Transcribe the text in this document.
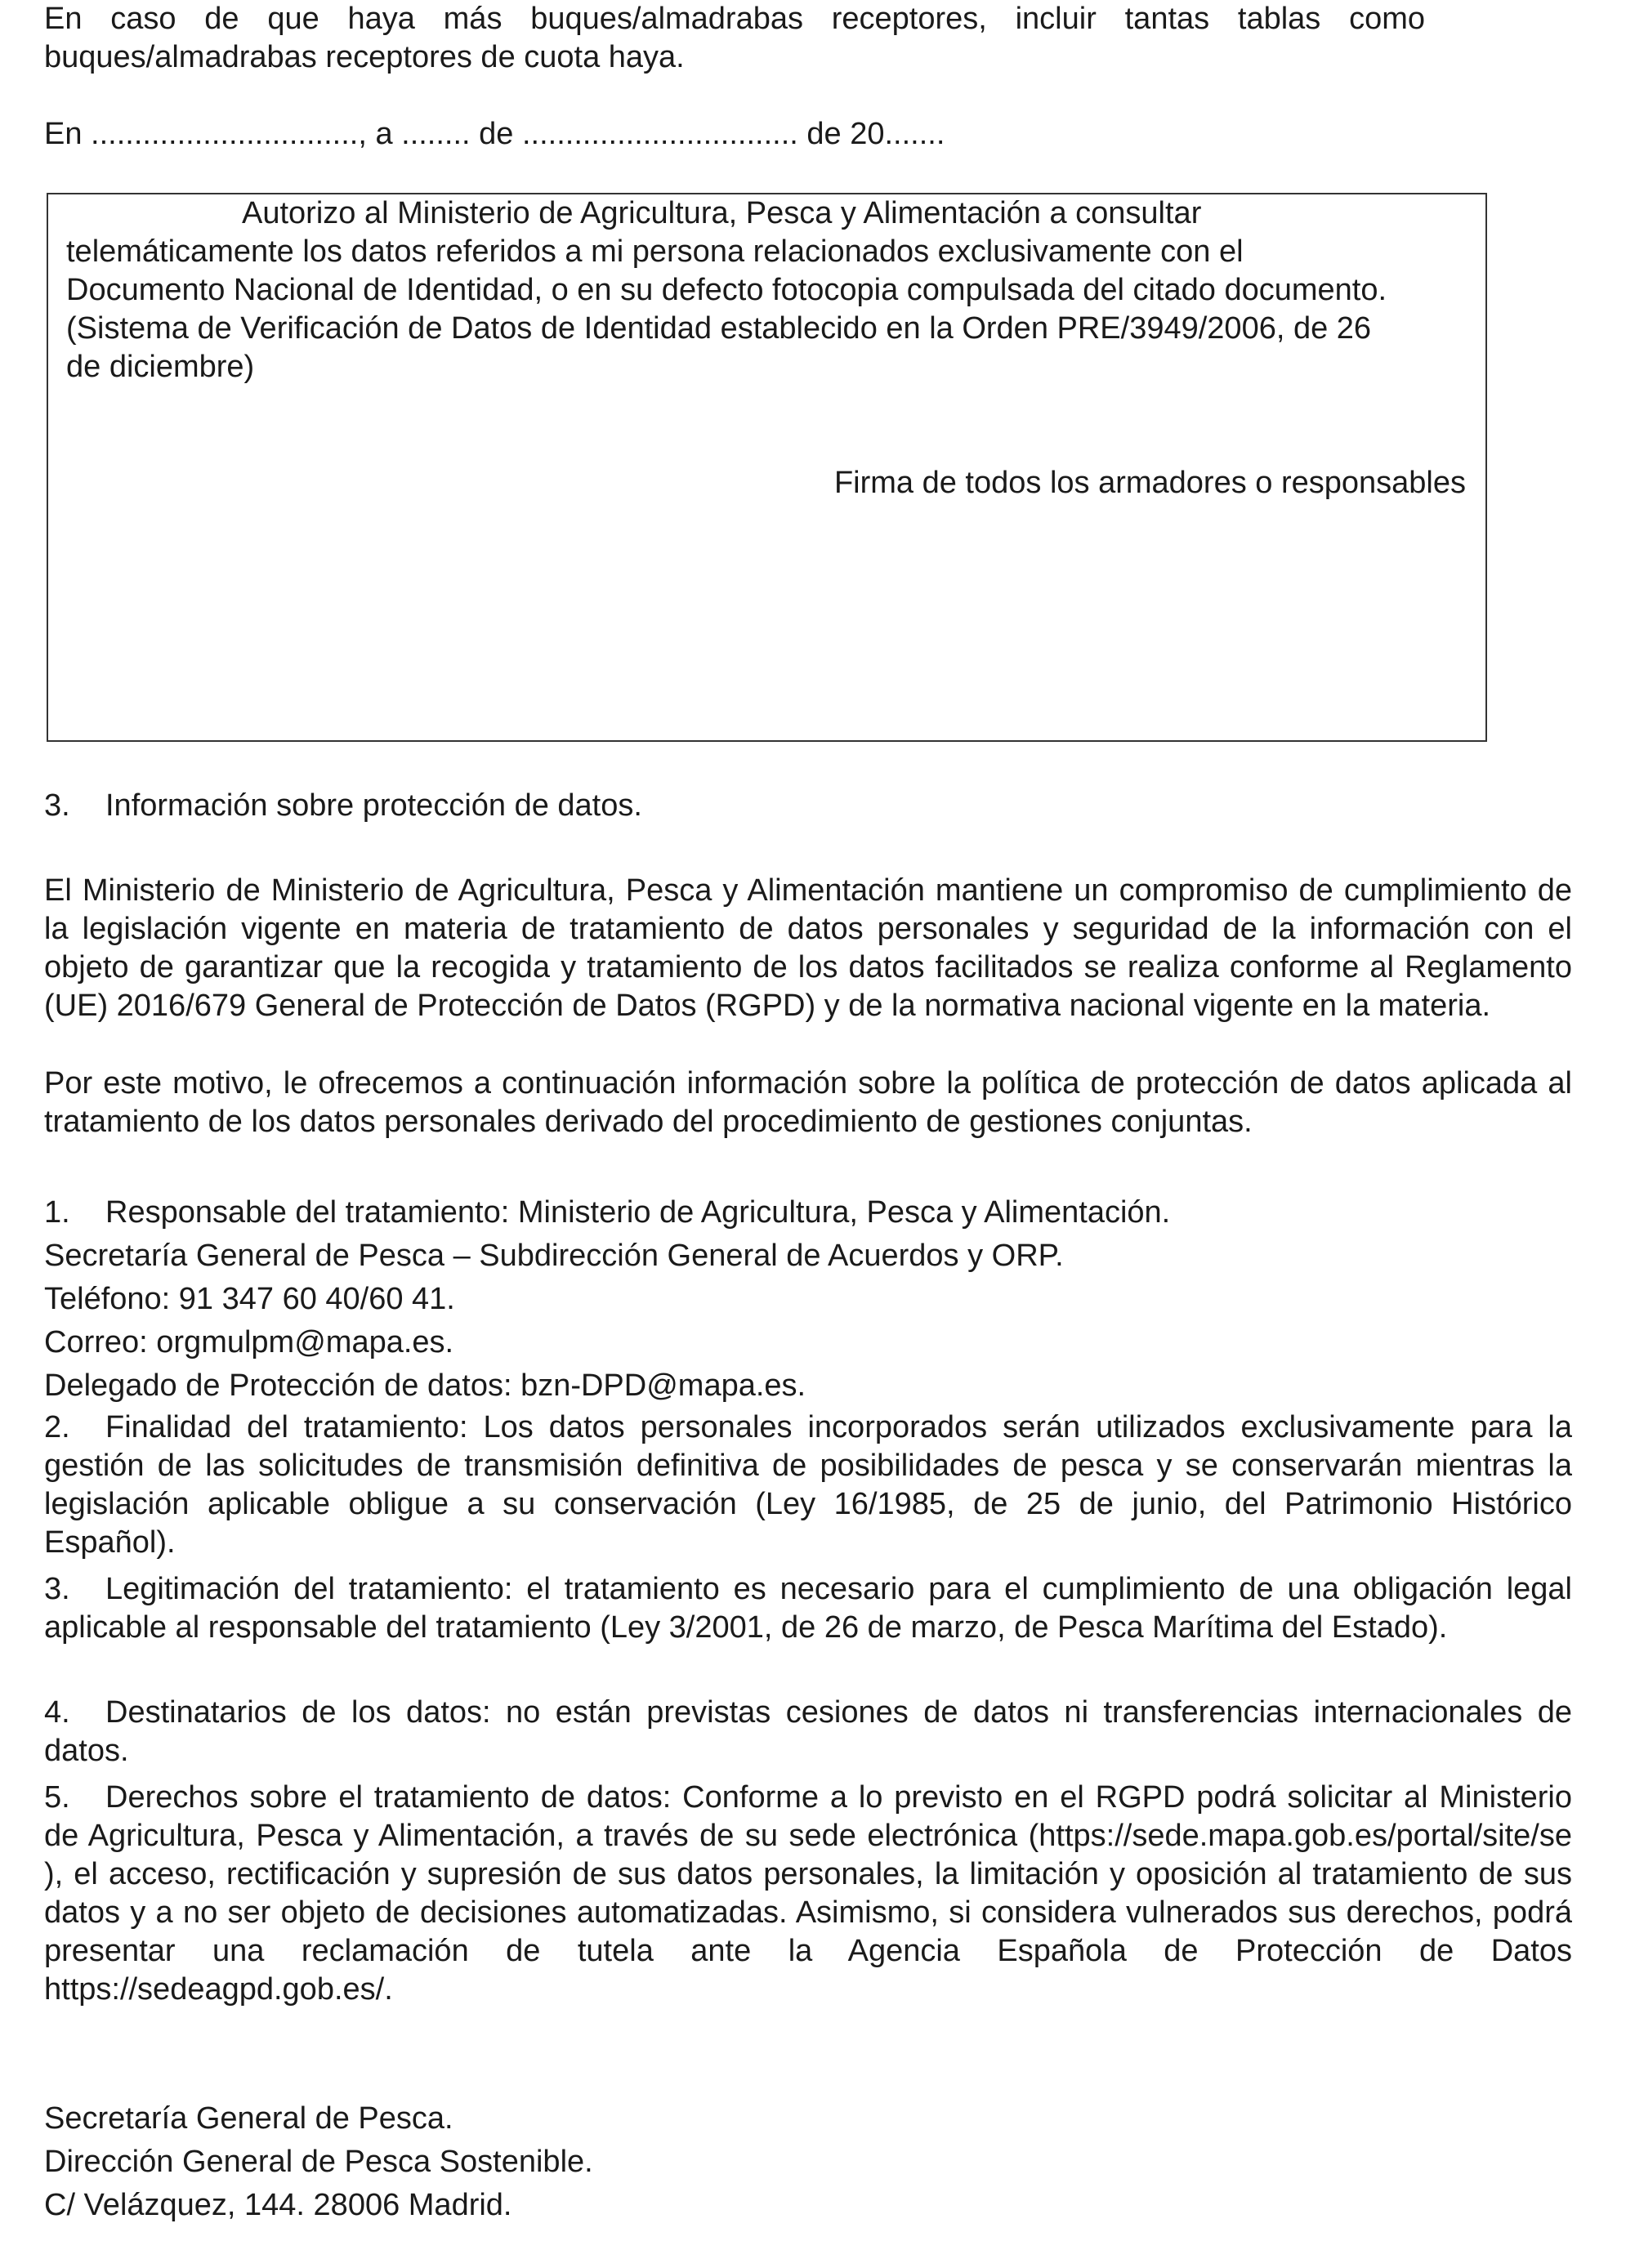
En caso de que haya más buques/almadrabas receptores, incluir tantas tablas como buques/almadrabas receptores de cuota haya.

En ..............................., a ........ de ................................ de 20.......

Autorizo al Ministerio de Agricultura, Pesca y Alimentación a consultar
telemáticamente los datos referidos a mi persona relacionados exclusivamente con el Documento Nacional de Identidad, o en su defecto fotocopia compulsada del citado documento. (Sistema de Verificación de Datos de Identidad establecido en la Orden PRE/3949/2006, de 26 de diciembre)

Firma de todos los armadores o responsables

3. Información sobre protección de datos.

El Ministerio de Ministerio de Agricultura, Pesca y Alimentación mantiene un compromiso de cumplimiento de la legislación vigente en materia de tratamiento de datos personales y seguridad de la información con el objeto de garantizar que la recogida y tratamiento de los datos facilitados se realiza conforme al Reglamento (UE) 2016/679 General de Protección de Datos (RGPD) y de la normativa nacional vigente en la materia.

Por este motivo, le ofrecemos a continuación información sobre la política de protección de datos aplicada al tratamiento de los datos personales derivado del procedimiento de gestiones conjuntas.

1. Responsable del tratamiento: Ministerio de Agricultura, Pesca y Alimentación.
Secretaría General de Pesca – Subdirección General de Acuerdos y ORP.
Teléfono: 91 347 60 40/60 41.
Correo: orgmulpm@mapa.es.
Delegado de Protección de datos: bzn-DPD@mapa.es.

2. Finalidad del tratamiento: Los datos personales incorporados serán utilizados exclusivamente para la gestión de las solicitudes de transmisión definitiva de posibilidades de pesca y se conservarán mientras la legislación aplicable obligue a su conservación (Ley 16/1985, de 25 de junio, del Patrimonio Histórico Español).

3. Legitimación del tratamiento: el tratamiento es necesario para el cumplimiento de una obligación legal aplicable al responsable del tratamiento (Ley 3/2001, de 26 de marzo, de Pesca Marítima del Estado).

4. Destinatarios de los datos: no están previstas cesiones de datos ni transferencias internacionales de datos.

5. Derechos sobre el tratamiento de datos: Conforme a lo previsto en el RGPD podrá solicitar al Ministerio de Agricultura, Pesca y Alimentación, a través de su sede electrónica (https://sede.mapa.gob.es/portal/site/se ), el acceso, rectificación y supresión de sus datos personales, la limitación y oposición al tratamiento de sus datos y a no ser objeto de decisiones automatizadas. Asimismo, si considera vulnerados sus derechos, podrá presentar una reclamación de tutela ante la Agencia Española de Protección de Datos https://sedeagpd.gob.es/.

Secretaría General de Pesca.
Dirección General de Pesca Sostenible.
C/ Velázquez, 144. 28006 Madrid.
